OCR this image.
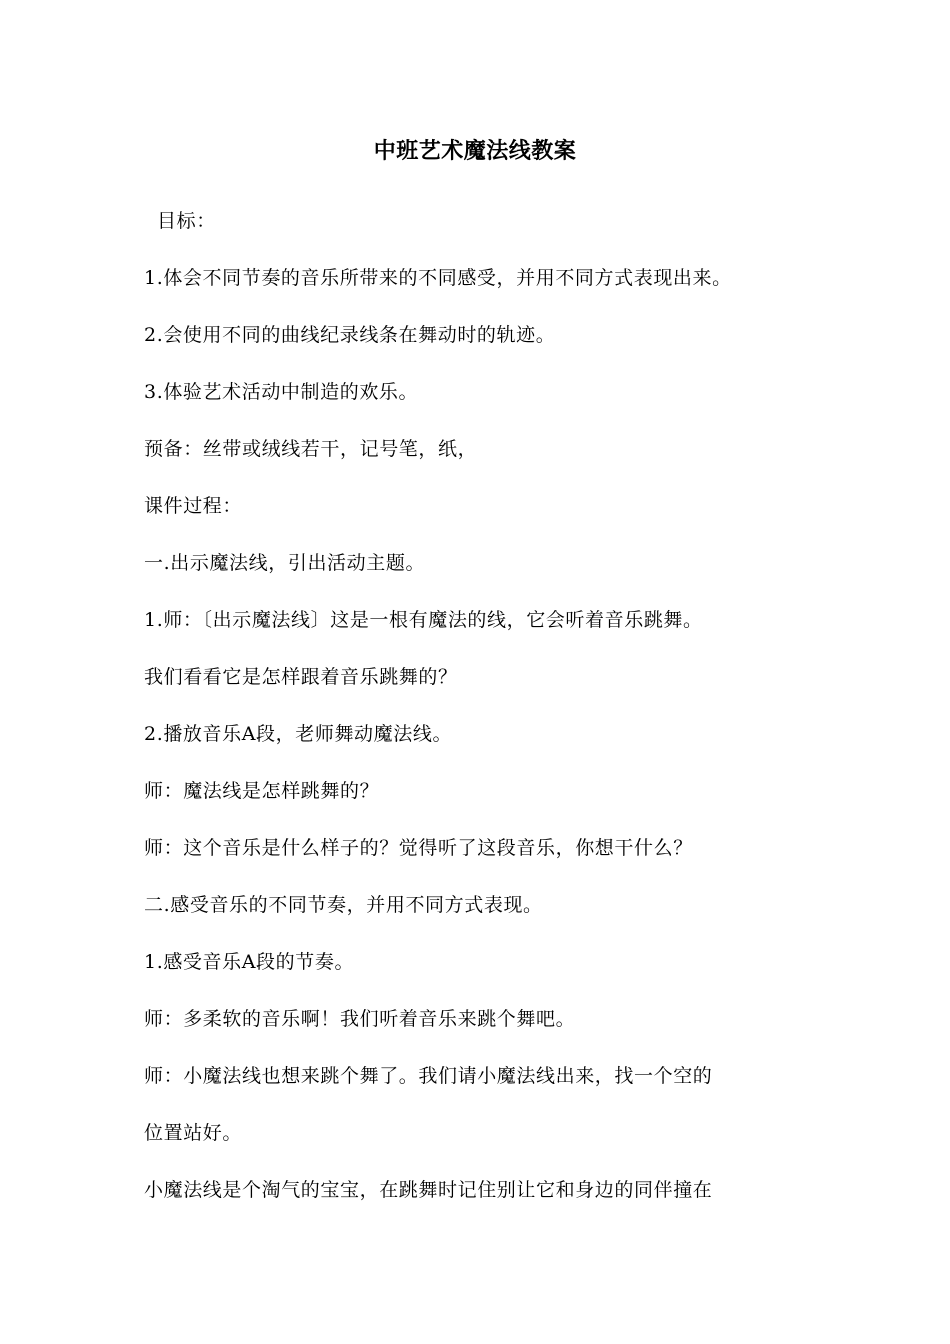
中班艺术魔法线教案
目标：
1.体会不同节奏的音乐所带来的不同感受，并用不同方式表现出来。
2.会使用不同的曲线纪录线条在舞动时的轨迹。
3.体验艺术活动中制造的欢乐。
预备：丝带或绒线若干，记号笔，纸，
课件过程：
一.出示魔法线，引出活动主题。
1.师：〔出示魔法线〕这是一根有魔法的线，它会听着音乐跳舞。
我们看看它是怎样跟着音乐跳舞的？
2.播放音乐A段，老师舞动魔法线。
师：魔法线是怎样跳舞的？
师：这个音乐是什么样子的？觉得听了这段音乐，你想干什么？
二.感受音乐的不同节奏，并用不同方式表现。
1.感受音乐A段的节奏。
师：多柔软的音乐啊！我们听着音乐来跳个舞吧。
师：小魔法线也想来跳个舞了。我们请小魔法线出来，找一个空的
位置站好。
小魔法线是个淘气的宝宝，在跳舞时记住别让它和身边的同伴撞在
